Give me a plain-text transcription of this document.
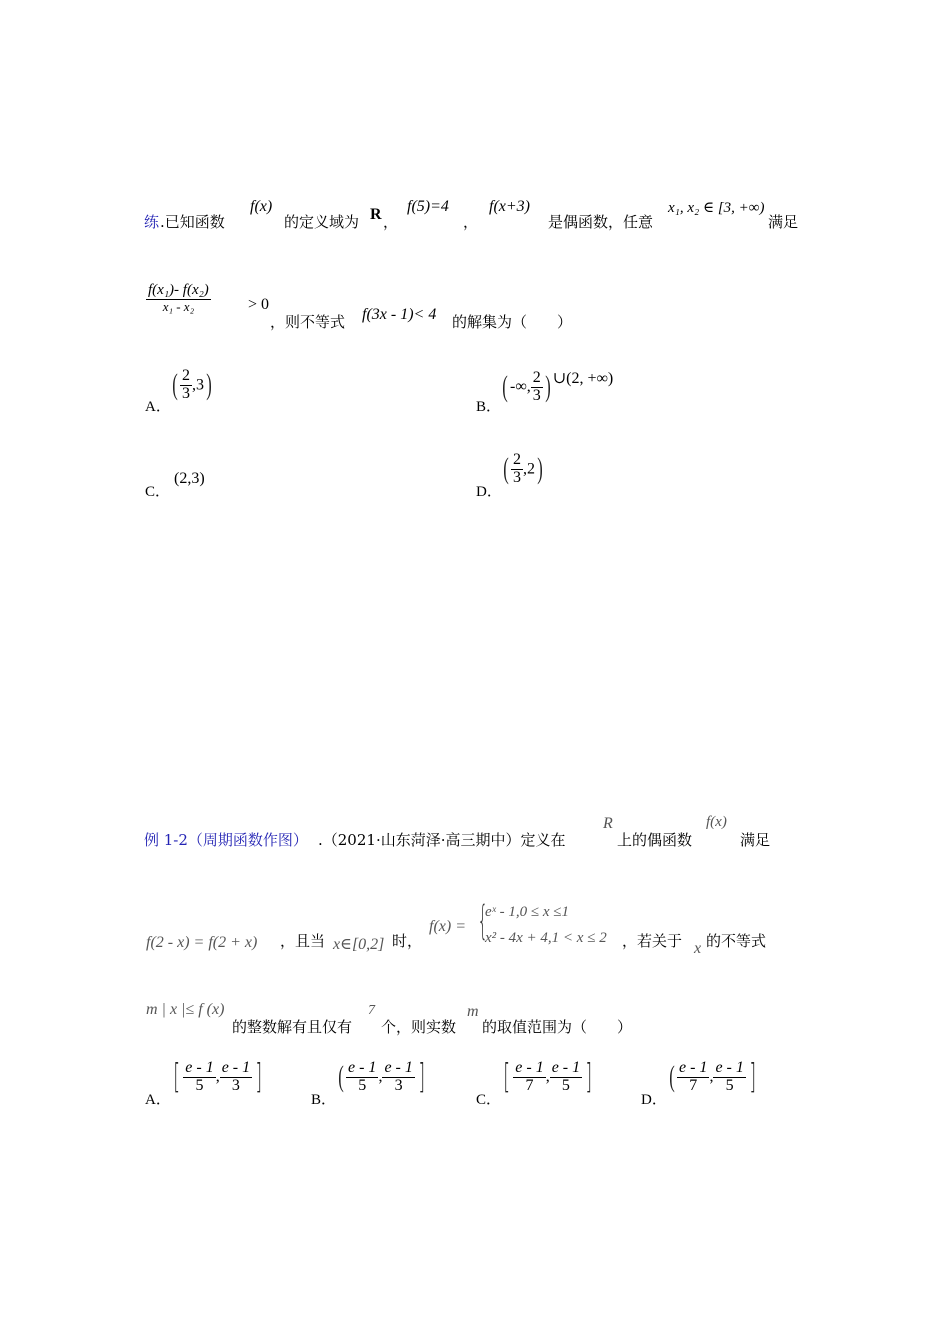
练 .已知函数
f(x)
的定义域为 R ，
f(5)=4
，
f(x+3)
是偶函数，任意
x₁, x₂ ∈ [3, +∞)
满足
$\frac{\text{f(x₁)- f(x₂)}}{\text{x₁ - x₂}} > 0$
，则不等式 f(3x - 1)< 4 的解集为（　　）
A．
( $\frac{2}{3} ,3$)
B．
( -∞, $\frac{2}{3}$ ) ∪(2, +∞)
C．
(2,3)
D．
( $\frac{2}{3} ,2$)
例 1-2（周期函数作图） .（2021·山东菏泽·高三期中）定义在
R
上的偶函数
f(x)
满足
f(2 - x) = f(2 + x) ，且当 x∈[0,2] 时，
f(x) = {
eˣ - 1,0 ≤ x ≤1
x² - 4x + 4,1 < x ≤ 2 ，若关于 x 的不等式
m | x |≤ f (x)
的整数解有且仅有
7
个，则实数
m
的取值范围为（　　）
A．
[ $\frac{e - 1}{5}$ , $\frac{e - 1}{3}$ ]
B．
( $\frac{e - 1}{5}$ , $\frac{e - 1}{3}$ ]
C．
[ $\frac{e - 1}{7}$ , $\frac{e - 1}{5}$ ]
D．
( $\frac{e - 1}{7}$ , $\frac{e - 1}{5}$ ]
